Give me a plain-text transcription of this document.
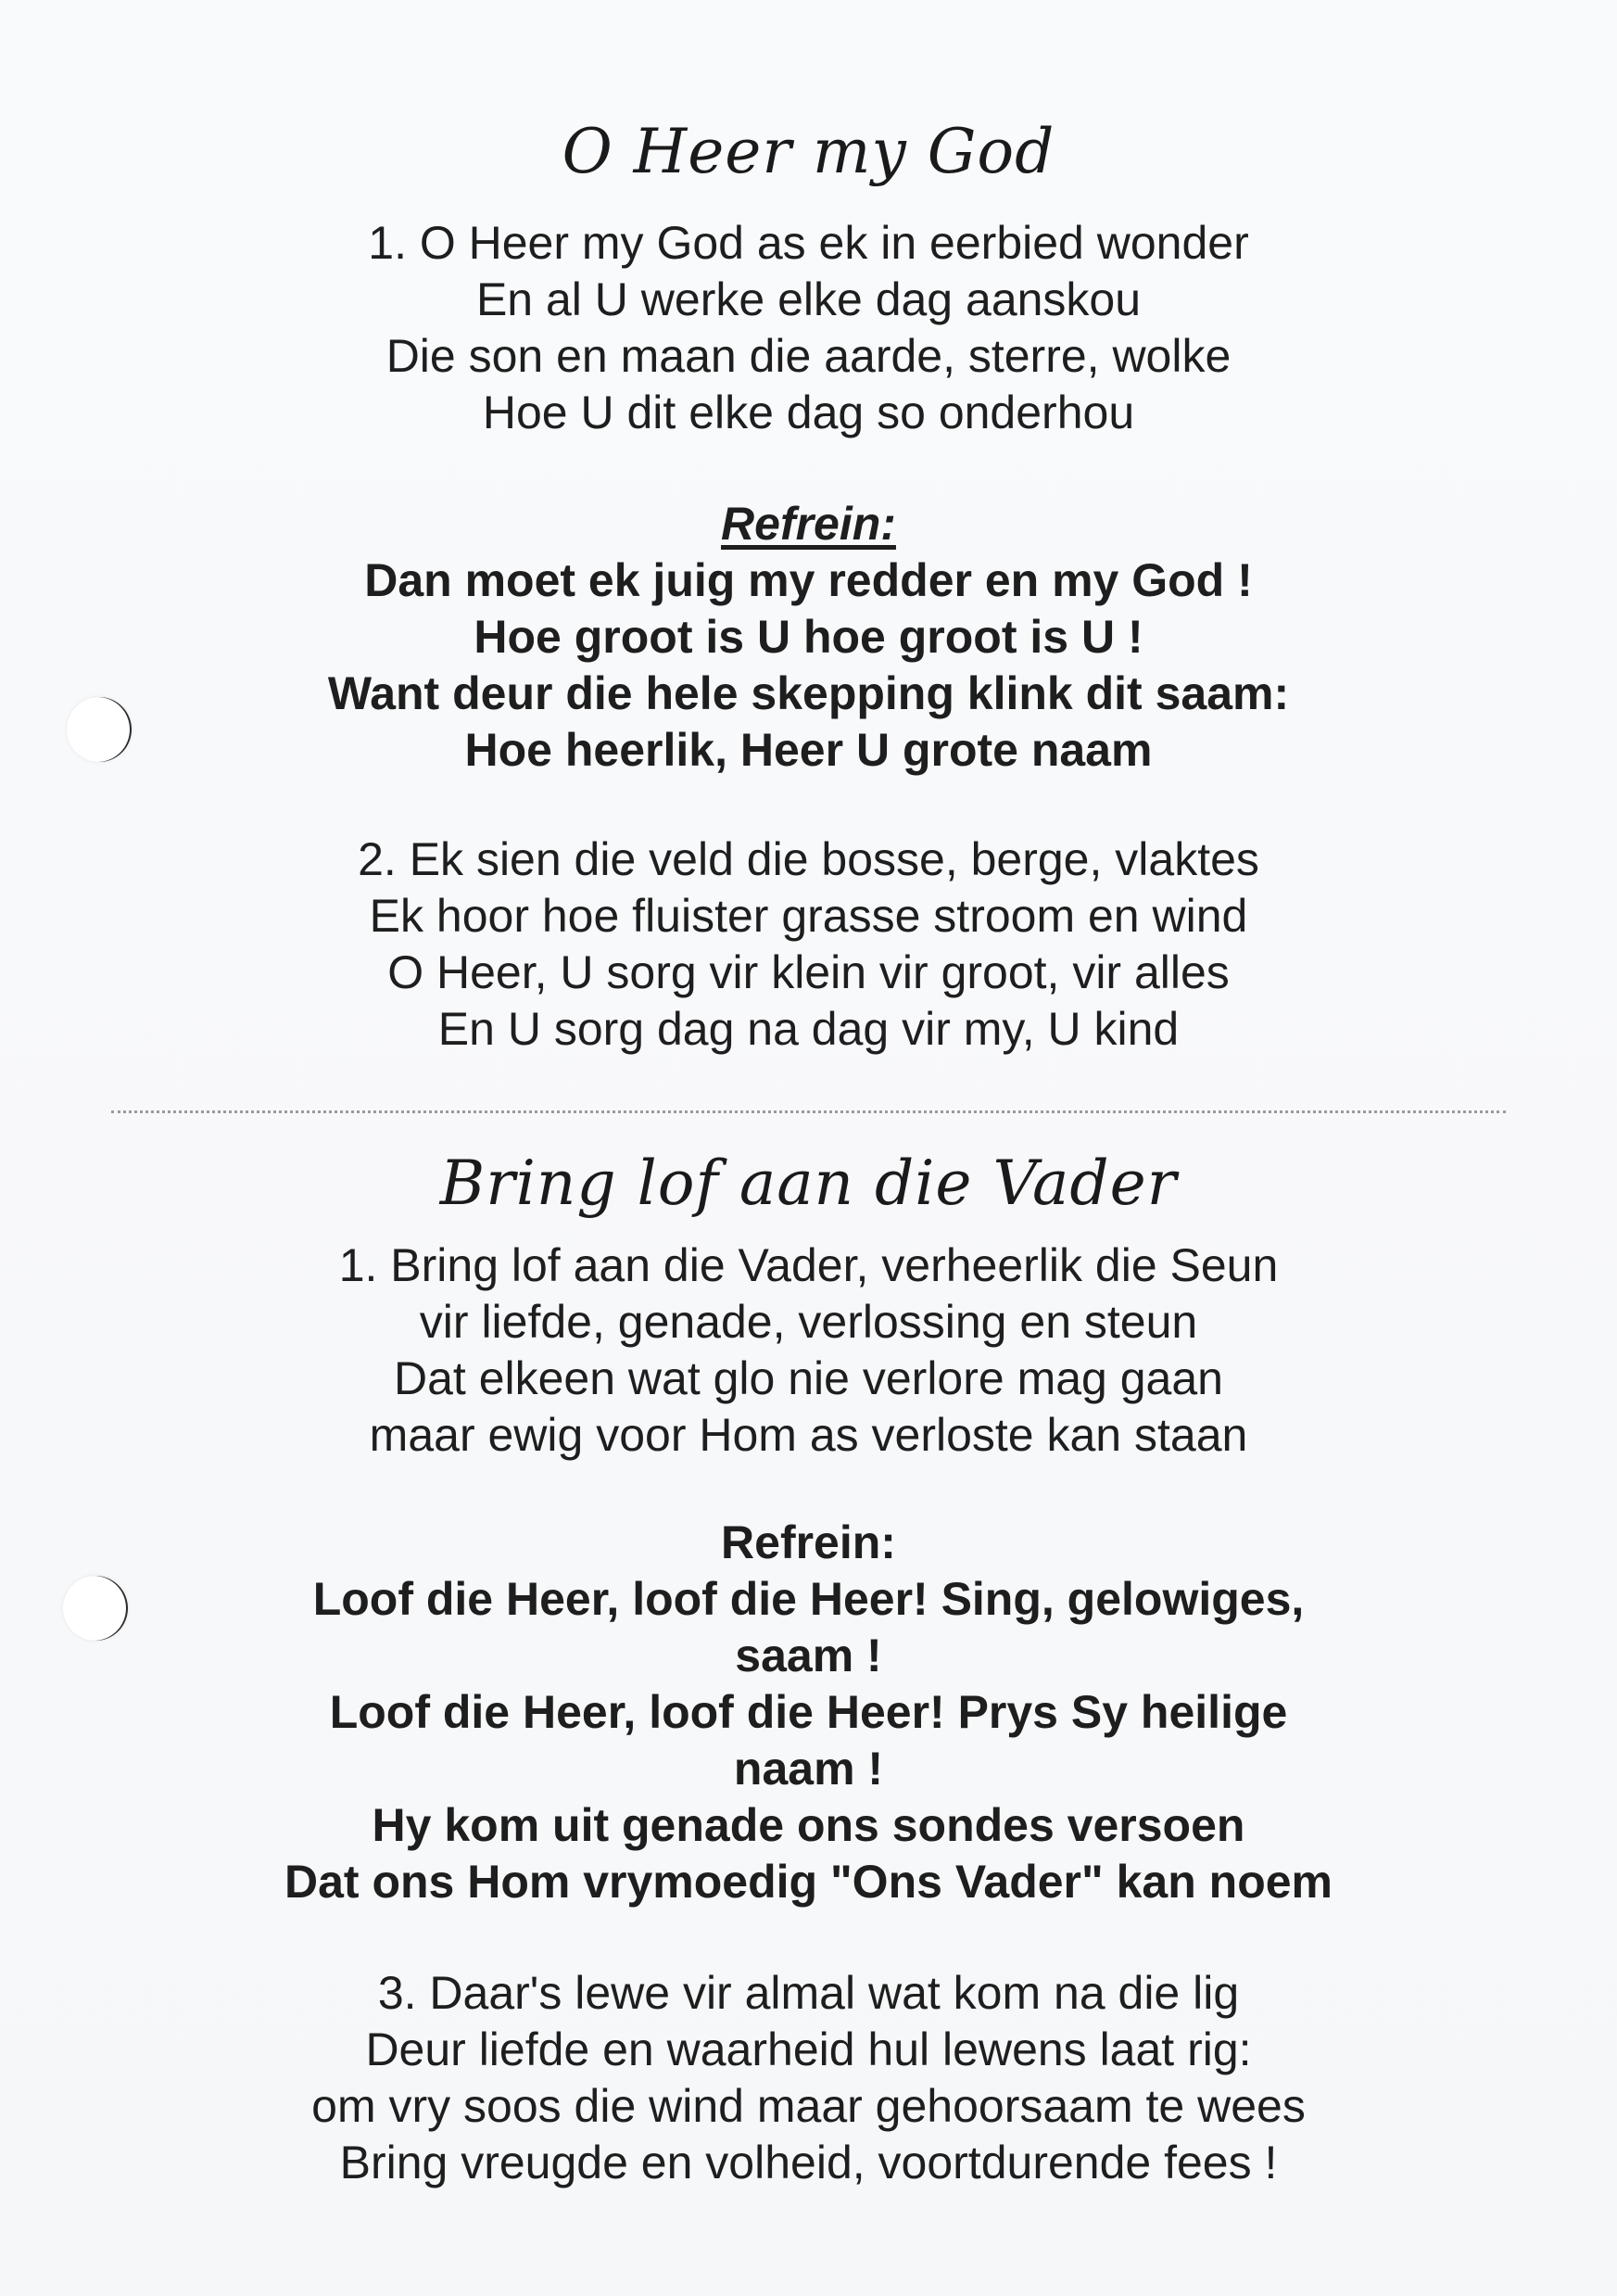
O Heer my God
1. O Heer my God as ek in eerbied wonder
En al U werke elke dag aanskou
Die son en maan die aarde, sterre, wolke
Hoe U dit elke dag so onderhou
Refrein:
Dan moet ek juig my redder en my God !
Hoe groot is U hoe groot is U !
Want deur die hele skepping klink dit saam:
Hoe heerlik, Heer U grote naam
2. Ek sien die veld die bosse, berge, vlaktes
Ek hoor hoe fluister grasse stroom en wind
O Heer, U sorg vir klein vir groot, vir alles
En U sorg dag na dag vir my, U kind
Bring lof aan die Vader
1. Bring lof aan die Vader, verheerlik die Seun
vir liefde, genade, verlossing en steun
Dat elkeen wat glo nie verlore mag gaan
maar ewig voor Hom as verloste kan staan
Refrein:
Loof die Heer, loof die Heer! Sing, gelowiges,
saam !
Loof die Heer, loof die Heer! Prys Sy heilige
naam !
Hy kom uit genade ons sondes versoen
Dat ons Hom vrymoedig "Ons Vader" kan noem
3. Daar's lewe vir almal wat kom na die lig
Deur liefde en waarheid hul lewens laat rig:
om vry soos die wind maar gehoorsaam te wees
Bring vreugde en volheid, voortdurende fees !
